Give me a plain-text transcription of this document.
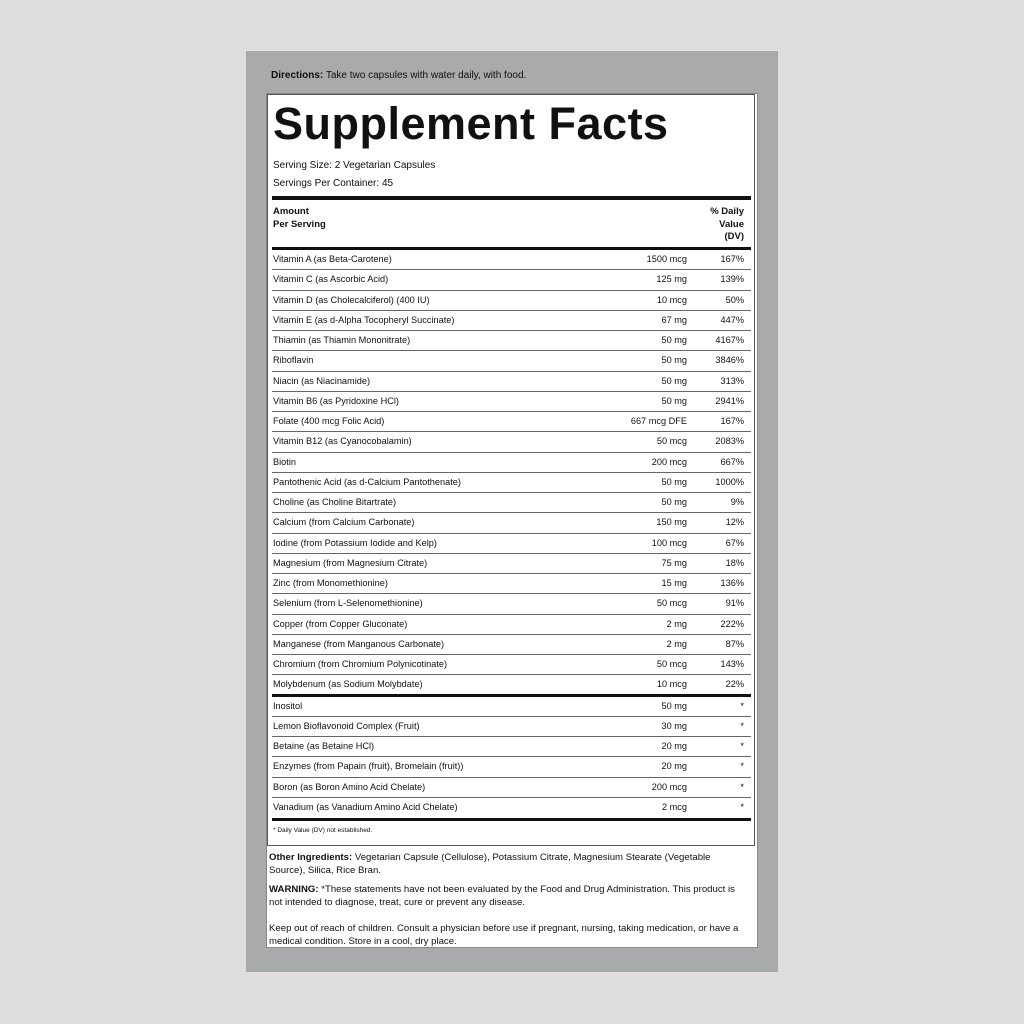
Directions: Take two capsules with water daily, with food.
Supplement Facts
Serving Size: 2 Vegetarian Capsules
Servings Per Container: 45
Amount
Per Serving
% Daily
Value
(DV)
Vitamin A (as Beta-Carotene)	1500 mcg	167%
Vitamin C (as Ascorbic Acid)	125 mg	139%
Vitamin D (as Cholecalciferol) (400 IU)	10 mcg	50%
Vitamin E (as d-Alpha Tocopheryl Succinate)	67 mg	447%
Thiamin (as Thiamin Mononitrate)	50 mg	4167%
Riboflavin	50 mg	3846%
Niacin (as Niacinamide)	50 mg	313%
Vitamin B6 (as Pyridoxine HCl)	50 mg	2941%
Folate (400 mcg Folic Acid)	667 mcg DFE	167%
Vitamin B12 (as Cyanocobalamin)	50 mcg	2083%
Biotin	200 mcg	667%
Pantothenic Acid (as d-Calcium Pantothenate)	50 mg	1000%
Choline (as Choline Bitartrate)	50 mg	9%
Calcium (from Calcium Carbonate)	150 mg	12%
Iodine (from Potassium Iodide and Kelp)	100 mcg	67%
Magnesium (from Magnesium Citrate)	75 mg	18%
Zinc (from Monomethionine)	15 mg	136%
Selenium (from L-Selenomethionine)	50 mcg	91%
Copper (from Copper Gluconate)	2 mg	222%
Manganese (from Manganous Carbonate)	2 mg	87%
Chromium (from Chromium Polynicotinate)	50 mcg	143%
Molybdenum (as Sodium Molybdate)	10 mcg	22%
Inositol	50 mg	*
Lemon Bioflavonoid Complex (Fruit)	30 mg	*
Betaine (as Betaine HCl)	20 mg	*
Enzymes (from Papain (fruit), Bromelain (fruit))	20 mg	*
Boron (as Boron Amino Acid Chelate)	200 mcg	*
Vanadium (as Vanadium Amino Acid Chelate)	2 mcg	*
* Daily Value (DV) not established.
Other Ingredients: Vegetarian Capsule (Cellulose), Potassium Citrate, Magnesium Stearate (Vegetable Source), Silica, Rice Bran.
WARNING: *These statements have not been evaluated by the Food and Drug Administration. This product is not intended to diagnose, treat, cure or prevent any disease.
Keep out of reach of children. Consult a physician before use if pregnant, nursing, taking medication, or have a medical condition. Store in a cool, dry place.
